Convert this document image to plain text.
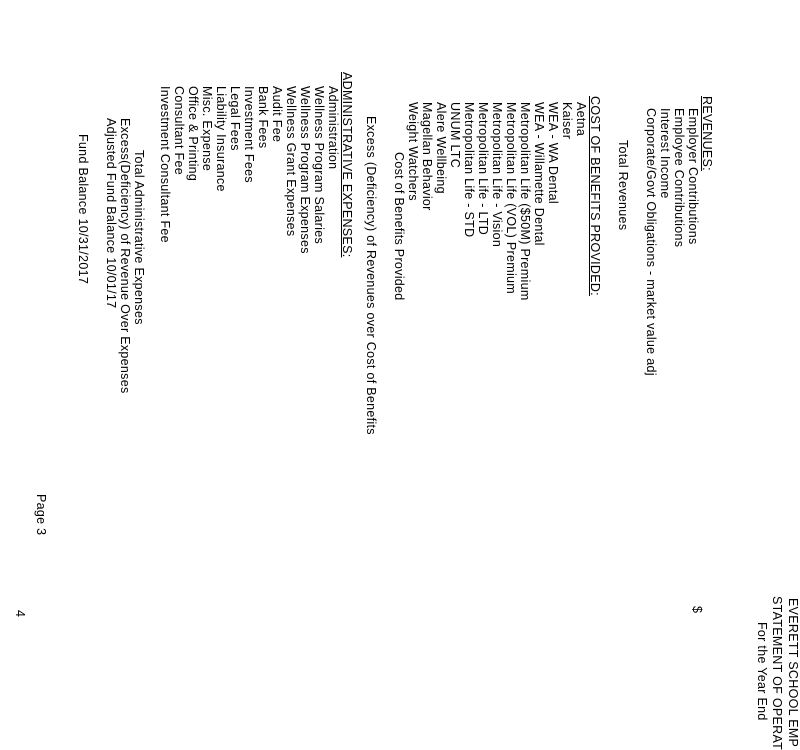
EVERETT SCHOOL EMP
STATEMENT OF OPERAT
For the Year End
REVENUES:
Employer Contributions
Employee Contributions
Interest Income
Corporate/Govt Obligations - market value adj
Total Revenues
$
COST OF BENEFITS PROVIDED:
Aetna
Kaiser
WEA - WA Dental
WEA - Willamette Dental
Metropolitan Life ($50M) Premium
Metropolitan Life (VOL) Premium
Metropolitan Life - Vision
Metropolitan Life - LTD
Metropolitan Life - STD
UNUM LTC
Alere Wellbeing
Magellan Behavior
Weight Watchers
Cost of Benefits Provided
Excess (Deficiency) of Revenues over Cost of Benefits
ADMINISTRATIVE EXPENSES:
Administration
Wellness Program Salaries
Wellness Program Expenses
Wellness Grant Expenses
Audit Fee
Bank Fees
Investment Fees
Legal Fees
Liability Insurance
Misc. Expense
Office & Printing
Consultant Fee
Investment Consultant Fee
Total Administrative Expenses
Excess(Deficiency) of Revenue Over Expenses
Adjusted Fund Balance 10/01/17
Fund Balance 10/31/2017
Page 3
4
